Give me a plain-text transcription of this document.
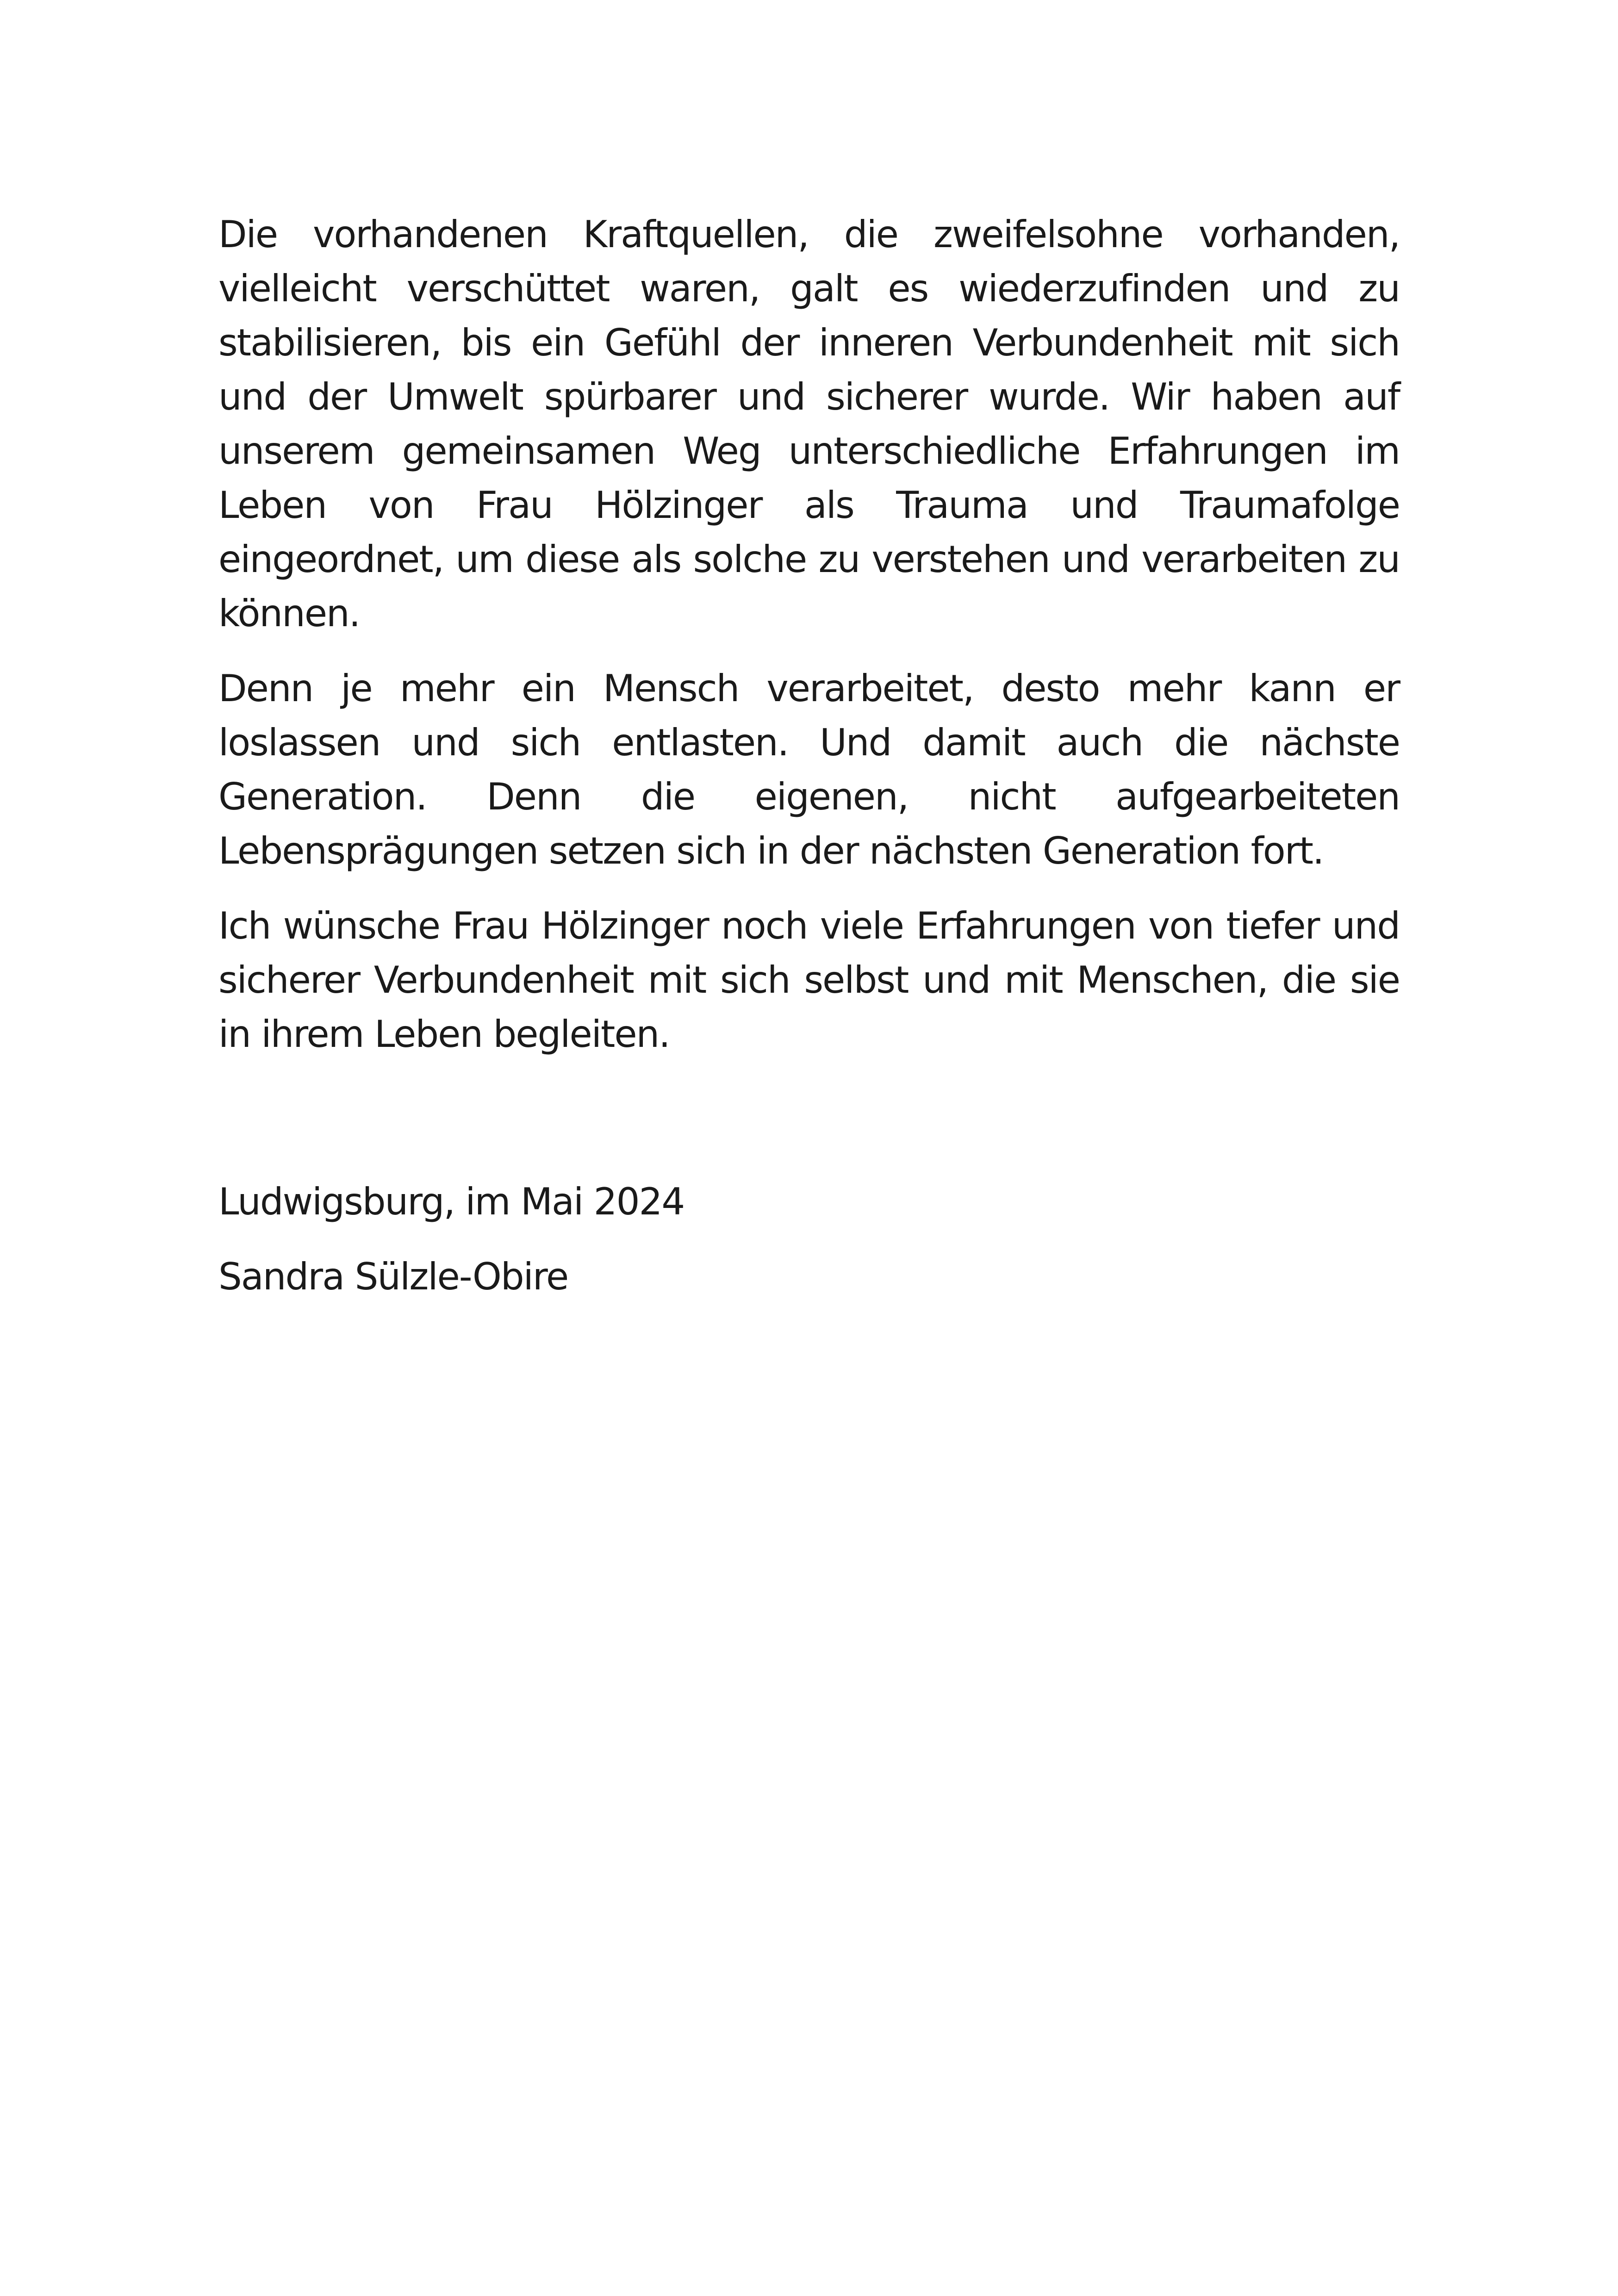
Die vorhandenen Kraftquellen, die zweifelsohne vorhanden, vielleicht verschüttet waren, galt es wiederzufinden und zu stabilisieren, bis ein Gefühl der inneren Verbundenheit mit sich und der Umwelt spürbarer und sicherer wurde. Wir haben auf unserem gemeinsamen Weg unterschiedliche Erfahrungen im Leben von Frau Hölzinger als Trauma und Traumafolge eingeordnet, um diese als solche zu verstehen und verarbeiten zu können.

Denn je mehr ein Mensch verarbeitet, desto mehr kann er loslassen und sich entlasten. Und damit auch die nächste Generation. Denn die eigenen, nicht aufgearbeiteten Lebensprägungen setzen sich in der nächsten Generation fort.

Ich wünsche Frau Hölzinger noch viele Erfahrungen von tiefer und sicherer Verbundenheit mit sich selbst und mit Menschen, die sie in ihrem Leben begleiten.

Ludwigsburg, im Mai 2024

Sandra Sülzle-Obire
